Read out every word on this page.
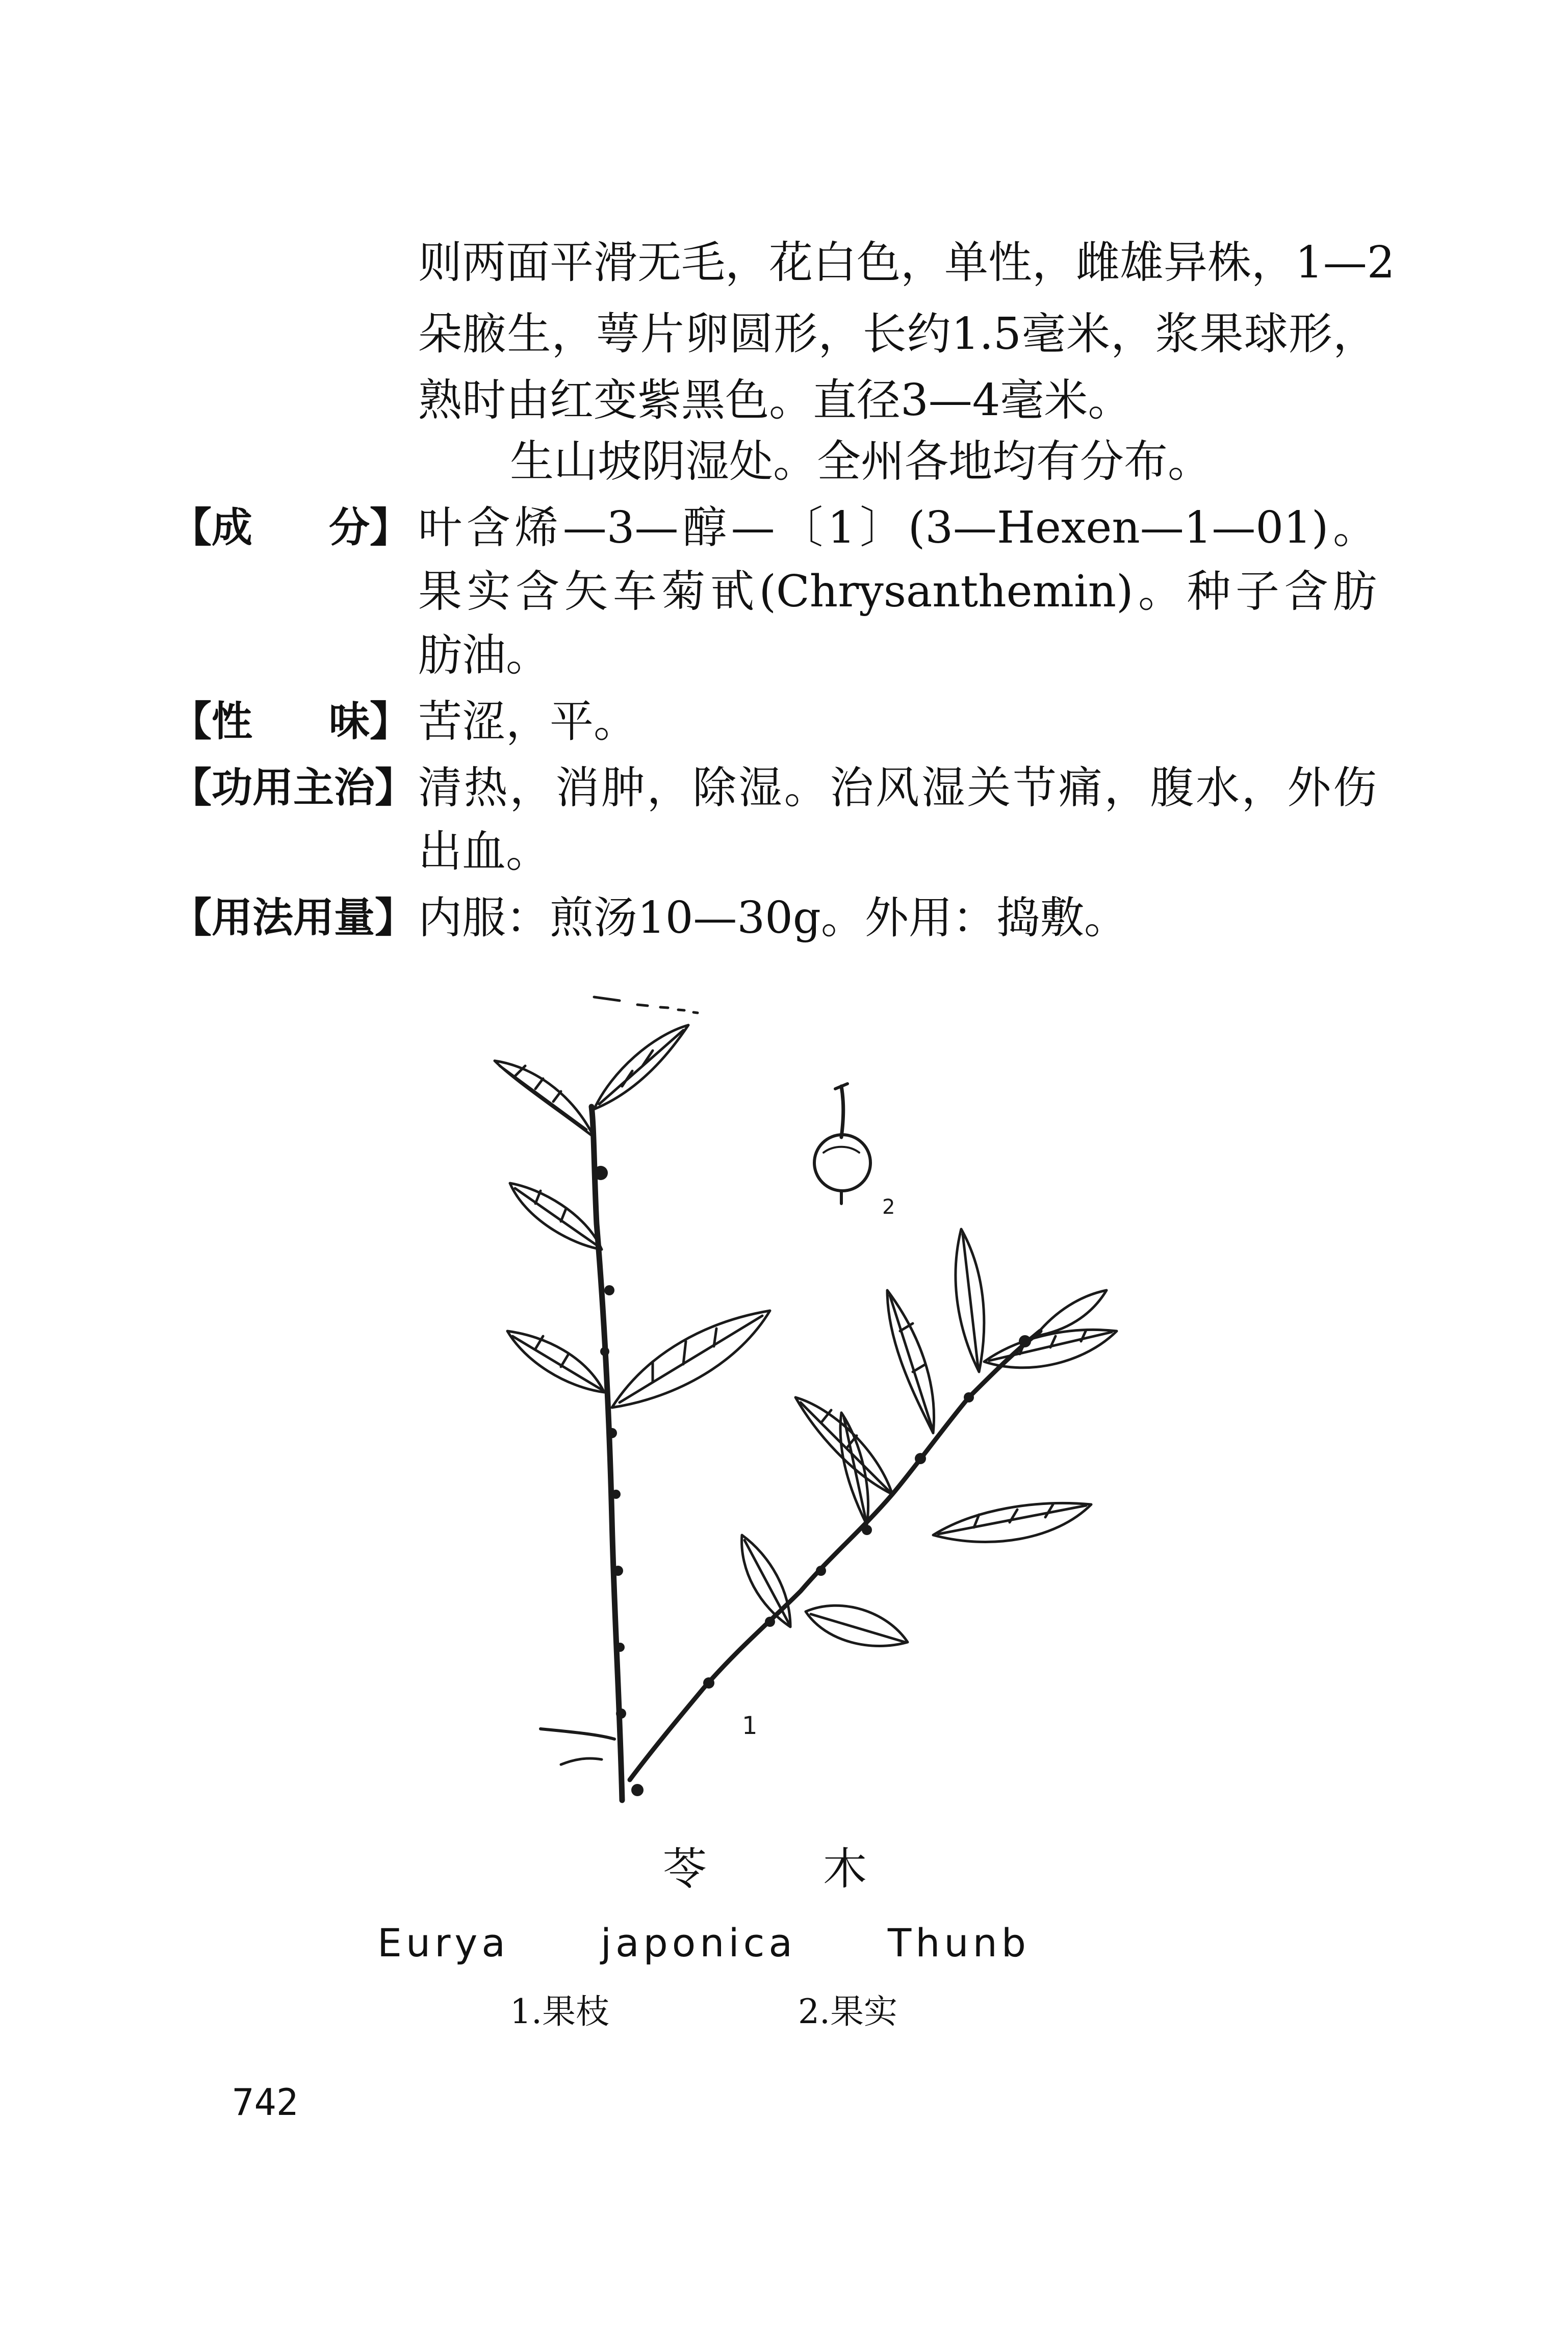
则两面平滑无毛，花白色，单性，雌雄异株，1—2
朵腋生，萼片卵圆形，长约1.5毫米，浆果球形，
熟时由红变紫黑色。直径3—4毫米。
生山坡阴湿处。全州各地均有分布。
【成 分】 叶含烯—3—醇—〔1〕(3—Hexen—1—01)。
果实含矢车菊甙(Chrysanthemin)。种子含肪
肪油。
【性 味】 苦涩，平。
【功用主治】 清热，消肿，除湿。治风湿关节痛，腹水，外伤
出血。
【用法用量】 内服：煎汤10—30g。外用：捣敷。
2
1
苓	木
Eurya japonica Thunb
1.果枝	2.果实
742
